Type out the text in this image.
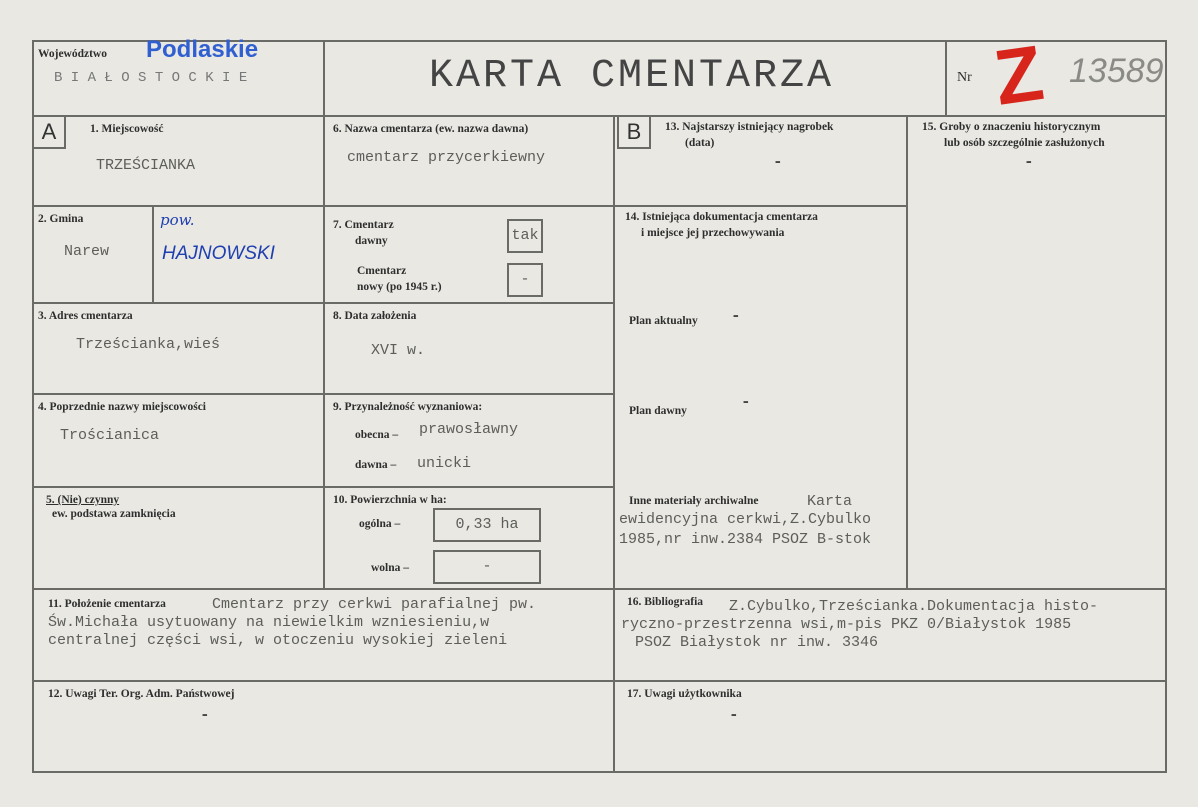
Województwo Podlaskie
B I A Ł O S T O C K I E	KARTA CMENTARZA	Nr Z 13589
A	1. Miejscowość
TRZEŚCIANKA
2. Gmina
Narew
pow.
HAJNOWSKI
3. Adres cmentarza
Trześcianka,wieś
4. Poprzednie nazwy miejscowości
Trościanica
5. (Nie) czynny
ew. podstawa zamknięcia
6. Nazwa cmentarza (ew. nazwa dawna)
cmentarz przycerkiewny
7. Cmentarz
dawny	tak
Cmentarz
nowy (po 1945 r.)	-
8. Data założenia
XVI w.
9. Przynależność wyznaniowa:
obecna – prawosławny
dawna – unicki
10. Powierzchnia w ha:
ogólna –	0,33 ha
wolna –	-
11. Położenie cmentarza	Cmentarz przy cerkwi parafialnej pw.
Św.Michała usytuowany na niewielkim wzniesieniu,w
centralnej części wsi, w otoczeniu wysokiej zieleni
12. Uwagi Ter. Org. Adm. Państwowej
-
B	13. Najstarszy istniejący nagrobek
(data)
-
14. Istniejąca dokumentacja cmentarza
i miejsce jej przechowywania
Plan aktualny -
Plan dawny	-
Inne materiały archiwalne	Karta
ewidencyjna cerkwi,Z.Cybulko
1985,nr inw.2384 PSOZ B-stok
15. Groby o znaczeniu historycznym
lub osób szczególnie zasłużonych
-
16. Bibliografia Z.Cybulko,Trześcianka.Dokumentacja histo-
ryczno-przestrzenna wsi,m-pis PKZ 0/Białystok 1985
PSOZ Białystok nr inw. 3346
17. Uwagi użytkownika
-
